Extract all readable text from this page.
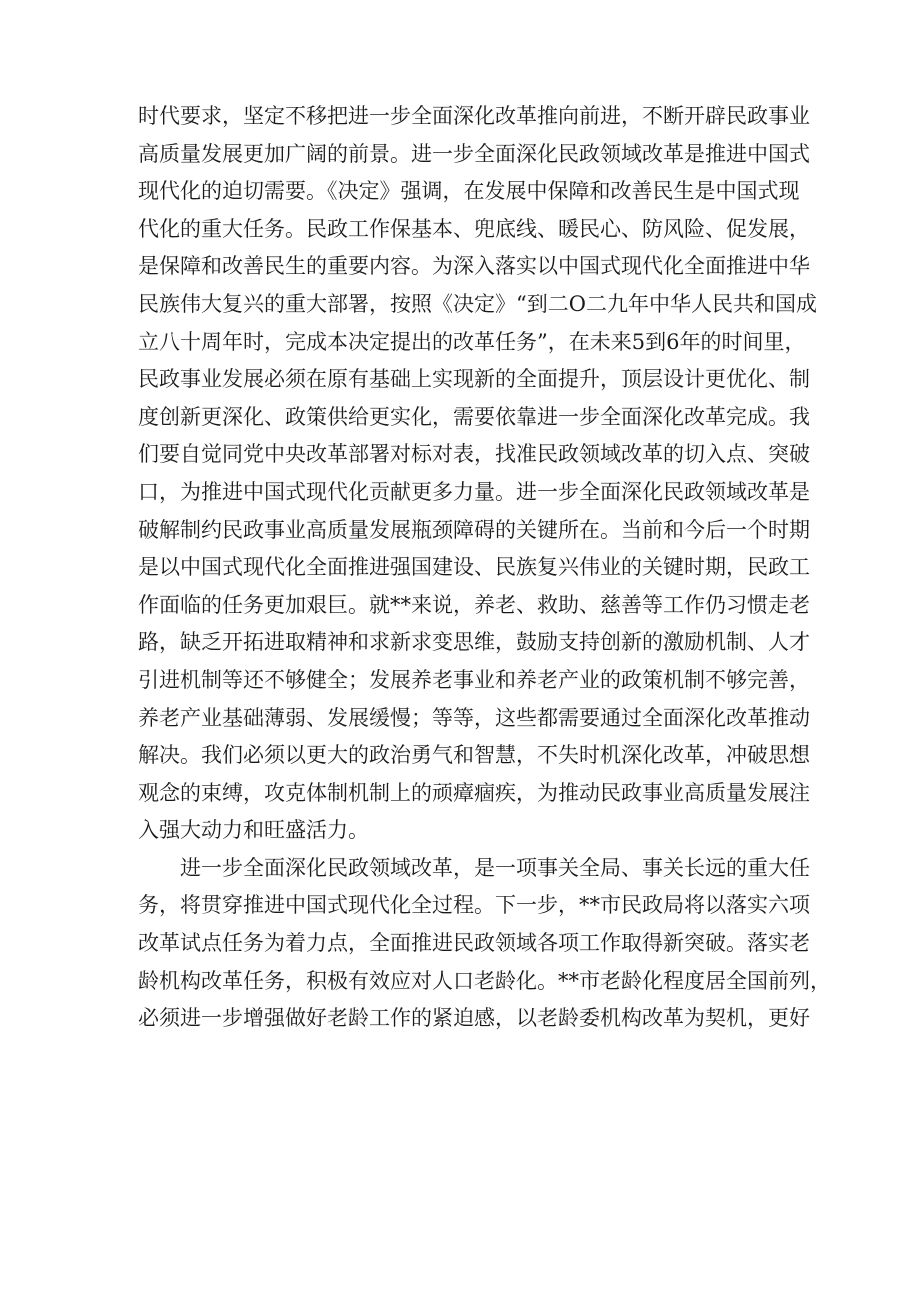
时代要求，坚定不移把进一步全面深化改革推向前进，不断开辟民政事业
高质量发展更加广阔的前景。进一步全面深化民政领域改革是推进中国式
现代化的迫切需要。《决定》强调，在发展中保障和改善民生是中国式现
代化的重大任务。民政工作保基本、兜底线、暖民心、防风险、促发展，
是保障和改善民生的重要内容。为深入落实以中国式现代化全面推进中华
民族伟大复兴的重大部署，按照《决定》“到二O二九年中华人民共和国成
立八十周年时，完成本决定提出的改革任务”，在未来5到6年的时间里，
民政事业发展必须在原有基础上实现新的全面提升，顶层设计更优化、制
度创新更深化、政策供给更实化，需要依靠进一步全面深化改革完成。我
们要自觉同党中央改革部署对标对表，找准民政领域改革的切入点、突破
口，为推进中国式现代化贡献更多力量。进一步全面深化民政领域改革是
破解制约民政事业高质量发展瓶颈障碍的关键所在。当前和今后一个时期
是以中国式现代化全面推进强国建设、民族复兴伟业的关键时期，民政工
作面临的任务更加艰巨。就**来说，养老、救助、慈善等工作仍习惯走老
路，缺乏开拓进取精神和求新求变思维，鼓励支持创新的激励机制、人才
引进机制等还不够健全；发展养老事业和养老产业的政策机制不够完善，
养老产业基础薄弱、发展缓慢；等等，这些都需要通过全面深化改革推动
解决。我们必须以更大的政治勇气和智慧，不失时机深化改革，冲破思想
观念的束缚，攻克体制机制上的顽瘴痼疾，为推动民政事业高质量发展注
入强大动力和旺盛活力。
　　进一步全面深化民政领域改革，是一项事关全局、事关长远的重大任
务，将贯穿推进中国式现代化全过程。下一步，**市民政局将以落实六项
改革试点任务为着力点，全面推进民政领域各项工作取得新突破。落实老
龄机构改革任务，积极有效应对人口老龄化。**市老龄化程度居全国前列，
必须进一步增强做好老龄工作的紧迫感，以老龄委机构改革为契机，更好
